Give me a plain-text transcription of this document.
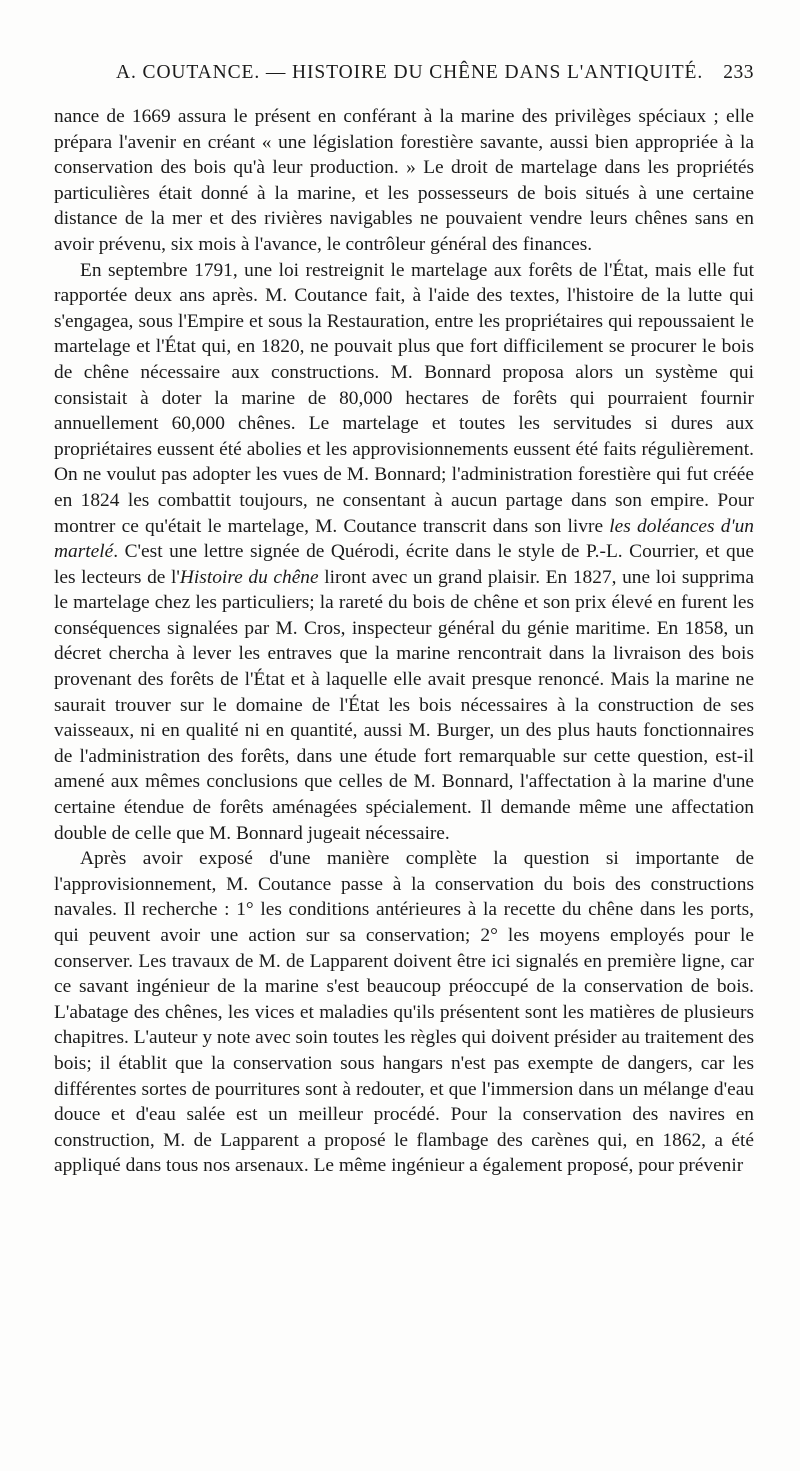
A. COUTANCE. — HISTOIRE DU CHÊNE DANS L'ANTIQUITÉ. 233

nance de 1669 assura le présent en conférant à la marine des privilèges spéciaux ; elle prépara l'avenir en créant « une législation forestière savante, aussi bien appropriée à la conservation des bois qu'à leur production. » Le droit de martelage dans les propriétés particulières était donné à la marine, et les possesseurs de bois situés à une certaine distance de la mer et des rivières navigables ne pouvaient vendre leurs chênes sans en avoir prévenu, six mois à l'avance, le contrôleur général des finances.

En septembre 1791, une loi restreignit le martelage aux forêts de l'État, mais elle fut rapportée deux ans après. M. Coutance fait, à l'aide des textes, l'histoire de la lutte qui s'engagea, sous l'Empire et sous la Restauration, entre les propriétaires qui repoussaient le martelage et l'État qui, en 1820, ne pouvait plus que fort difficilement se procurer le bois de chêne nécessaire aux constructions. M. Bonnard proposa alors un système qui consistait à doter la marine de 80,000 hectares de forêts qui pourraient fournir annuellement 60,000 chênes. Le martelage et toutes les servitudes si dures aux propriétaires eussent été abolies et les approvisionnements eussent été faits régulièrement. On ne voulut pas adopter les vues de M. Bonnard; l'administration forestière qui fut créée en 1824 les combattit toujours, ne consentant à aucun partage dans son empire. Pour montrer ce qu'était le martelage, M. Coutance transcrit dans son livre les doléances d'un martelé. C'est une lettre signée de Quérodi, écrite dans le style de P.-L. Courrier, et que les lecteurs de l'Histoire du chêne liront avec un grand plaisir. En 1827, une loi supprima le martelage chez les particuliers; la rareté du bois de chêne et son prix élevé en furent les conséquences signalées par M. Cros, inspecteur général du génie maritime. En 1858, un décret chercha à lever les entraves que la marine rencontrait dans la livraison des bois provenant des forêts de l'État et à laquelle elle avait presque renoncé. Mais la marine ne saurait trouver sur le domaine de l'État les bois nécessaires à la construction de ses vaisseaux, ni en qualité ni en quantité, aussi M. Burger, un des plus hauts fonctionnaires de l'administration des forêts, dans une étude fort remarquable sur cette question, est-il amené aux mêmes conclusions que celles de M. Bonnard, l'affectation à la marine d'une certaine étendue de forêts aménagées spécialement. Il demande même une affectation double de celle que M. Bonnard jugeait nécessaire.

Après avoir exposé d'une manière complète la question si importante de l'approvisionnement, M. Coutance passe à la conservation du bois des constructions navales. Il recherche : 1° les conditions antérieures à la recette du chêne dans les ports, qui peuvent avoir une action sur sa conservation; 2° les moyens employés pour le conserver. Les travaux de M. de Lapparent doivent être ici signalés en première ligne, car ce savant ingénieur de la marine s'est beaucoup préoccupé de la conservation de bois. L'abatage des chênes, les vices et maladies qu'ils présentent sont les matières de plusieurs chapitres. L'auteur y note avec soin toutes les règles qui doivent présider au traitement des bois; il établit que la conservation sous hangars n'est pas exempte de dangers, car les différentes sortes de pourritures sont à redouter, et que l'immersion dans un mélange d'eau douce et d'eau salée est un meilleur procédé. Pour la conservation des navires en construction, M. de Lapparent a proposé le flambage des carènes qui, en 1862, a été appliqué dans tous nos arsenaux. Le même ingénieur a également proposé, pour prévenir
